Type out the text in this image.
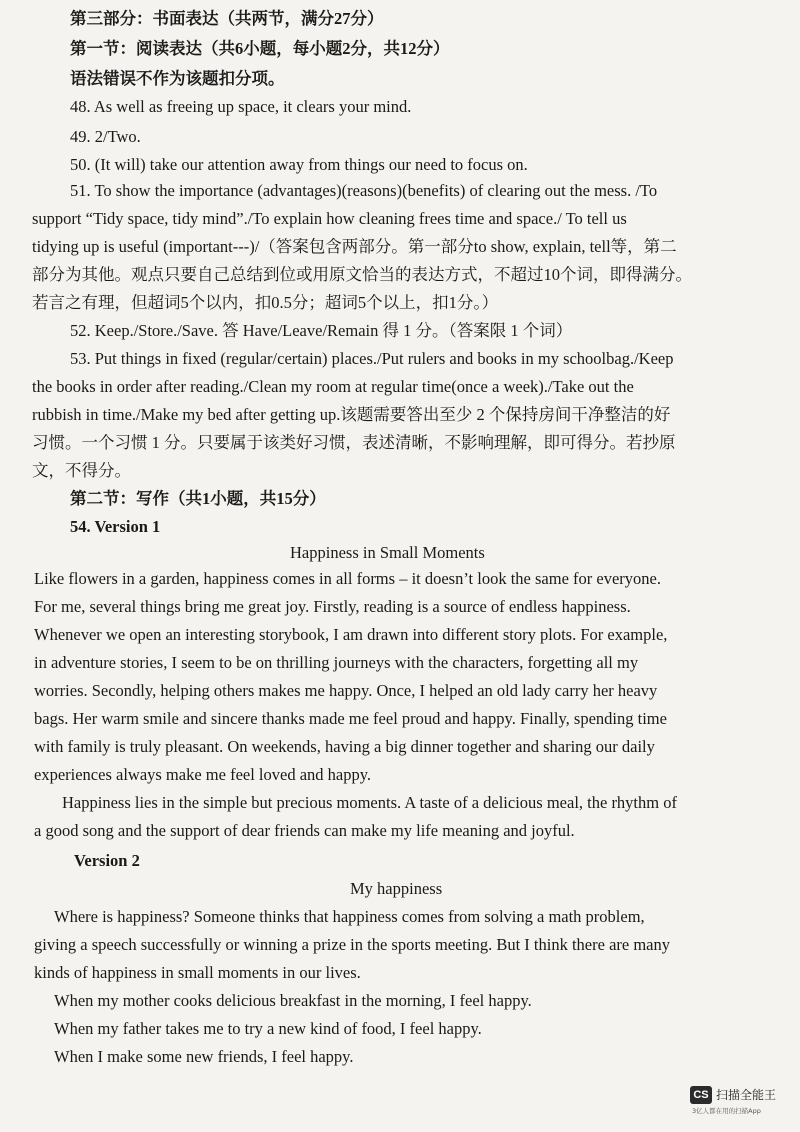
第三部分：书面表达（共两节，满分27分）
第一节：阅读表达（共6小题，每小题2分，共12分）
语法错误不作为该题扣分项。
48. As well as freeing up space, it clears your mind.
49. 2/Two.
50. (It will) take our attention away from things our need to focus on.
51. To show the importance (advantages)(reasons)(benefits) of clearing out the mess. /To
support “Tidy space, tidy mind”./To explain how cleaning frees time and space./ To tell us
tidying up is useful (important---)/（答案包含两部分。第一部分to show, explain, tell等，第二
部分为其他。观点只要自己总结到位或用原文恰当的表达方式，不超过10个词，即得满分。
若言之有理，但超词5个以内，扣0.5分；超词5个以上，扣1分。）
52. Keep./Store./Save. 答 Have/Leave/Remain 得 1 分。（答案限 1 个词）
53. Put things in fixed (regular/certain) places./Put rulers and books in my schoolbag./Keep
the books in order after reading./Clean my room at regular time(once a week)./Take out the
rubbish in time./Make my bed after getting up.该题需要答出至少 2 个保持房间干净整洁的好
习惯。一个习惯 1 分。只要属于该类好习惯，表述清晰，不影响理解，即可得分。若抄原
文，不得分。
第二节：写作（共1小题，共15分）
54. Version 1
Happiness in Small Moments
Like flowers in a garden, happiness comes in all forms – it doesn’t look the same for everyone.
For me, several things bring me great joy. Firstly, reading is a source of endless happiness.
Whenever we open an interesting storybook, I am drawn into different story plots. For example,
in adventure stories, I seem to be on thrilling journeys with the characters, forgetting all my
worries. Secondly, helping others makes me happy. Once, I helped an old lady carry her heavy
bags. Her warm smile and sincere thanks made me feel proud and happy. Finally, spending time
with family is truly pleasant. On weekends, having a big dinner together and sharing our daily
experiences always make me feel loved and happy.
Happiness lies in the simple but precious moments. A taste of a delicious meal, the rhythm of
a good song and the support of dear friends can make my life meaning and joyful.
Version 2
My happiness
Where is happiness? Someone thinks that happiness comes from solving a math problem,
giving a speech successfully or winning a prize in the sports meeting. But I think there are many
kinds of happiness in small moments in our lives.
When my mother cooks delicious breakfast in the morning, I feel happy.
When my father takes me to try a new kind of food, I feel happy.
When I make some new friends, I feel happy.
CS 扫描全能王
3亿人都在用的扫描App
